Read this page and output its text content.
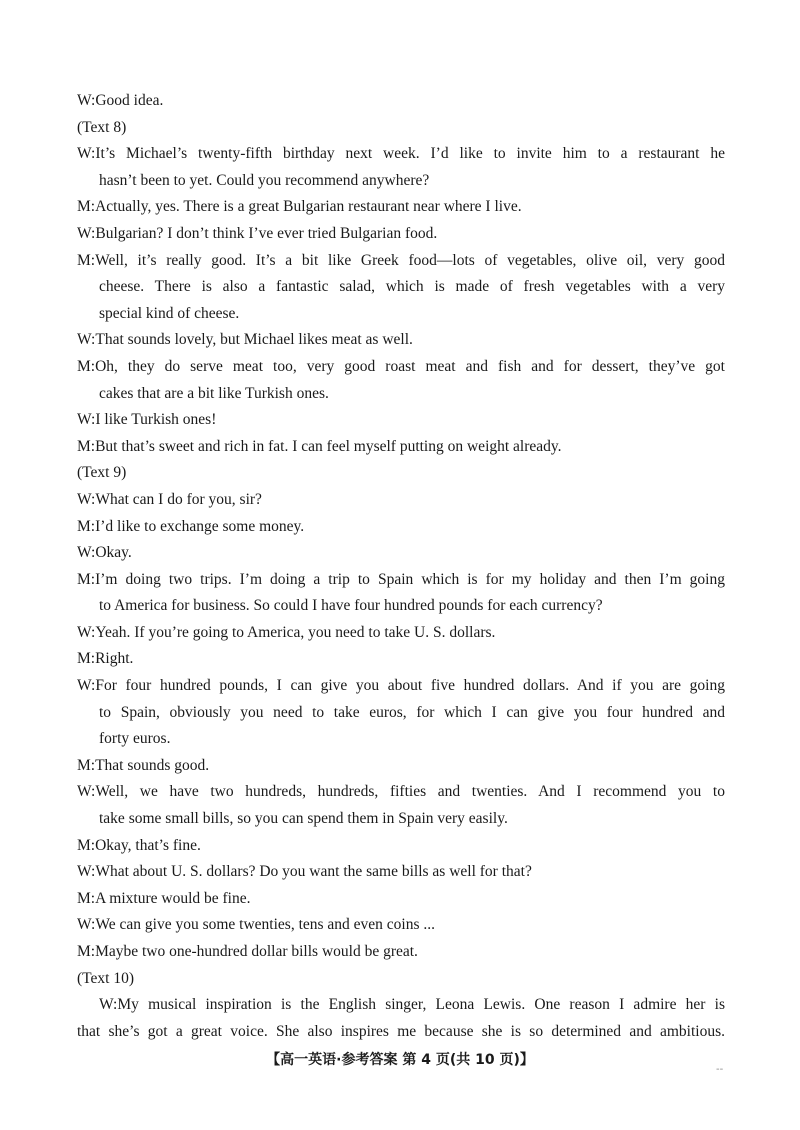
W:Good idea.
(Text 8)
W:It’s Michael’s twenty-fifth birthday next week. I’d like to invite him to a restaurant he
hasn’t been to yet. Could you recommend anywhere?
M:Actually, yes. There is a great Bulgarian restaurant near where I live.
W:Bulgarian? I don’t think I’ve ever tried Bulgarian food.
M:Well, it’s really good. It’s a bit like Greek food—lots of vegetables, olive oil, very good
cheese. There is also a fantastic salad, which is made of fresh vegetables with a very
special kind of cheese.
W:That sounds lovely, but Michael likes meat as well.
M:Oh, they do serve meat too, very good roast meat and fish and for dessert, they’ve got
cakes that are a bit like Turkish ones.
W:I like Turkish ones!
M:But that’s sweet and rich in fat. I can feel myself putting on weight already.
(Text 9)
W:What can I do for you, sir?
M:I’d like to exchange some money.
W:Okay.
M:I’m doing two trips. I’m doing a trip to Spain which is for my holiday and then I’m going
to America for business. So could I have four hundred pounds for each currency?
W:Yeah. If you’re going to America, you need to take U. S. dollars.
M:Right.
W:For four hundred pounds, I can give you about five hundred dollars. And if you are going
to Spain, obviously you need to take euros, for which I can give you four hundred and
forty euros.
M:That sounds good.
W:Well, we have two hundreds, hundreds, fifties and twenties. And I recommend you to
take some small bills, so you can spend them in Spain very easily.
M:Okay, that’s fine.
W:What about U. S. dollars? Do you want the same bills as well for that?
M:A mixture would be fine.
W:We can give you some twenties, tens and even coins ...
M:Maybe two one-hundred dollar bills would be great.
(Text 10)
W:My musical inspiration is the English singer, Leona Lewis. One reason I admire her is
that she’s got a great voice. She also inspires me because she is so determined and ambitious.
【高一英语·参考答案 第 4 页(共 10 页)】
--
